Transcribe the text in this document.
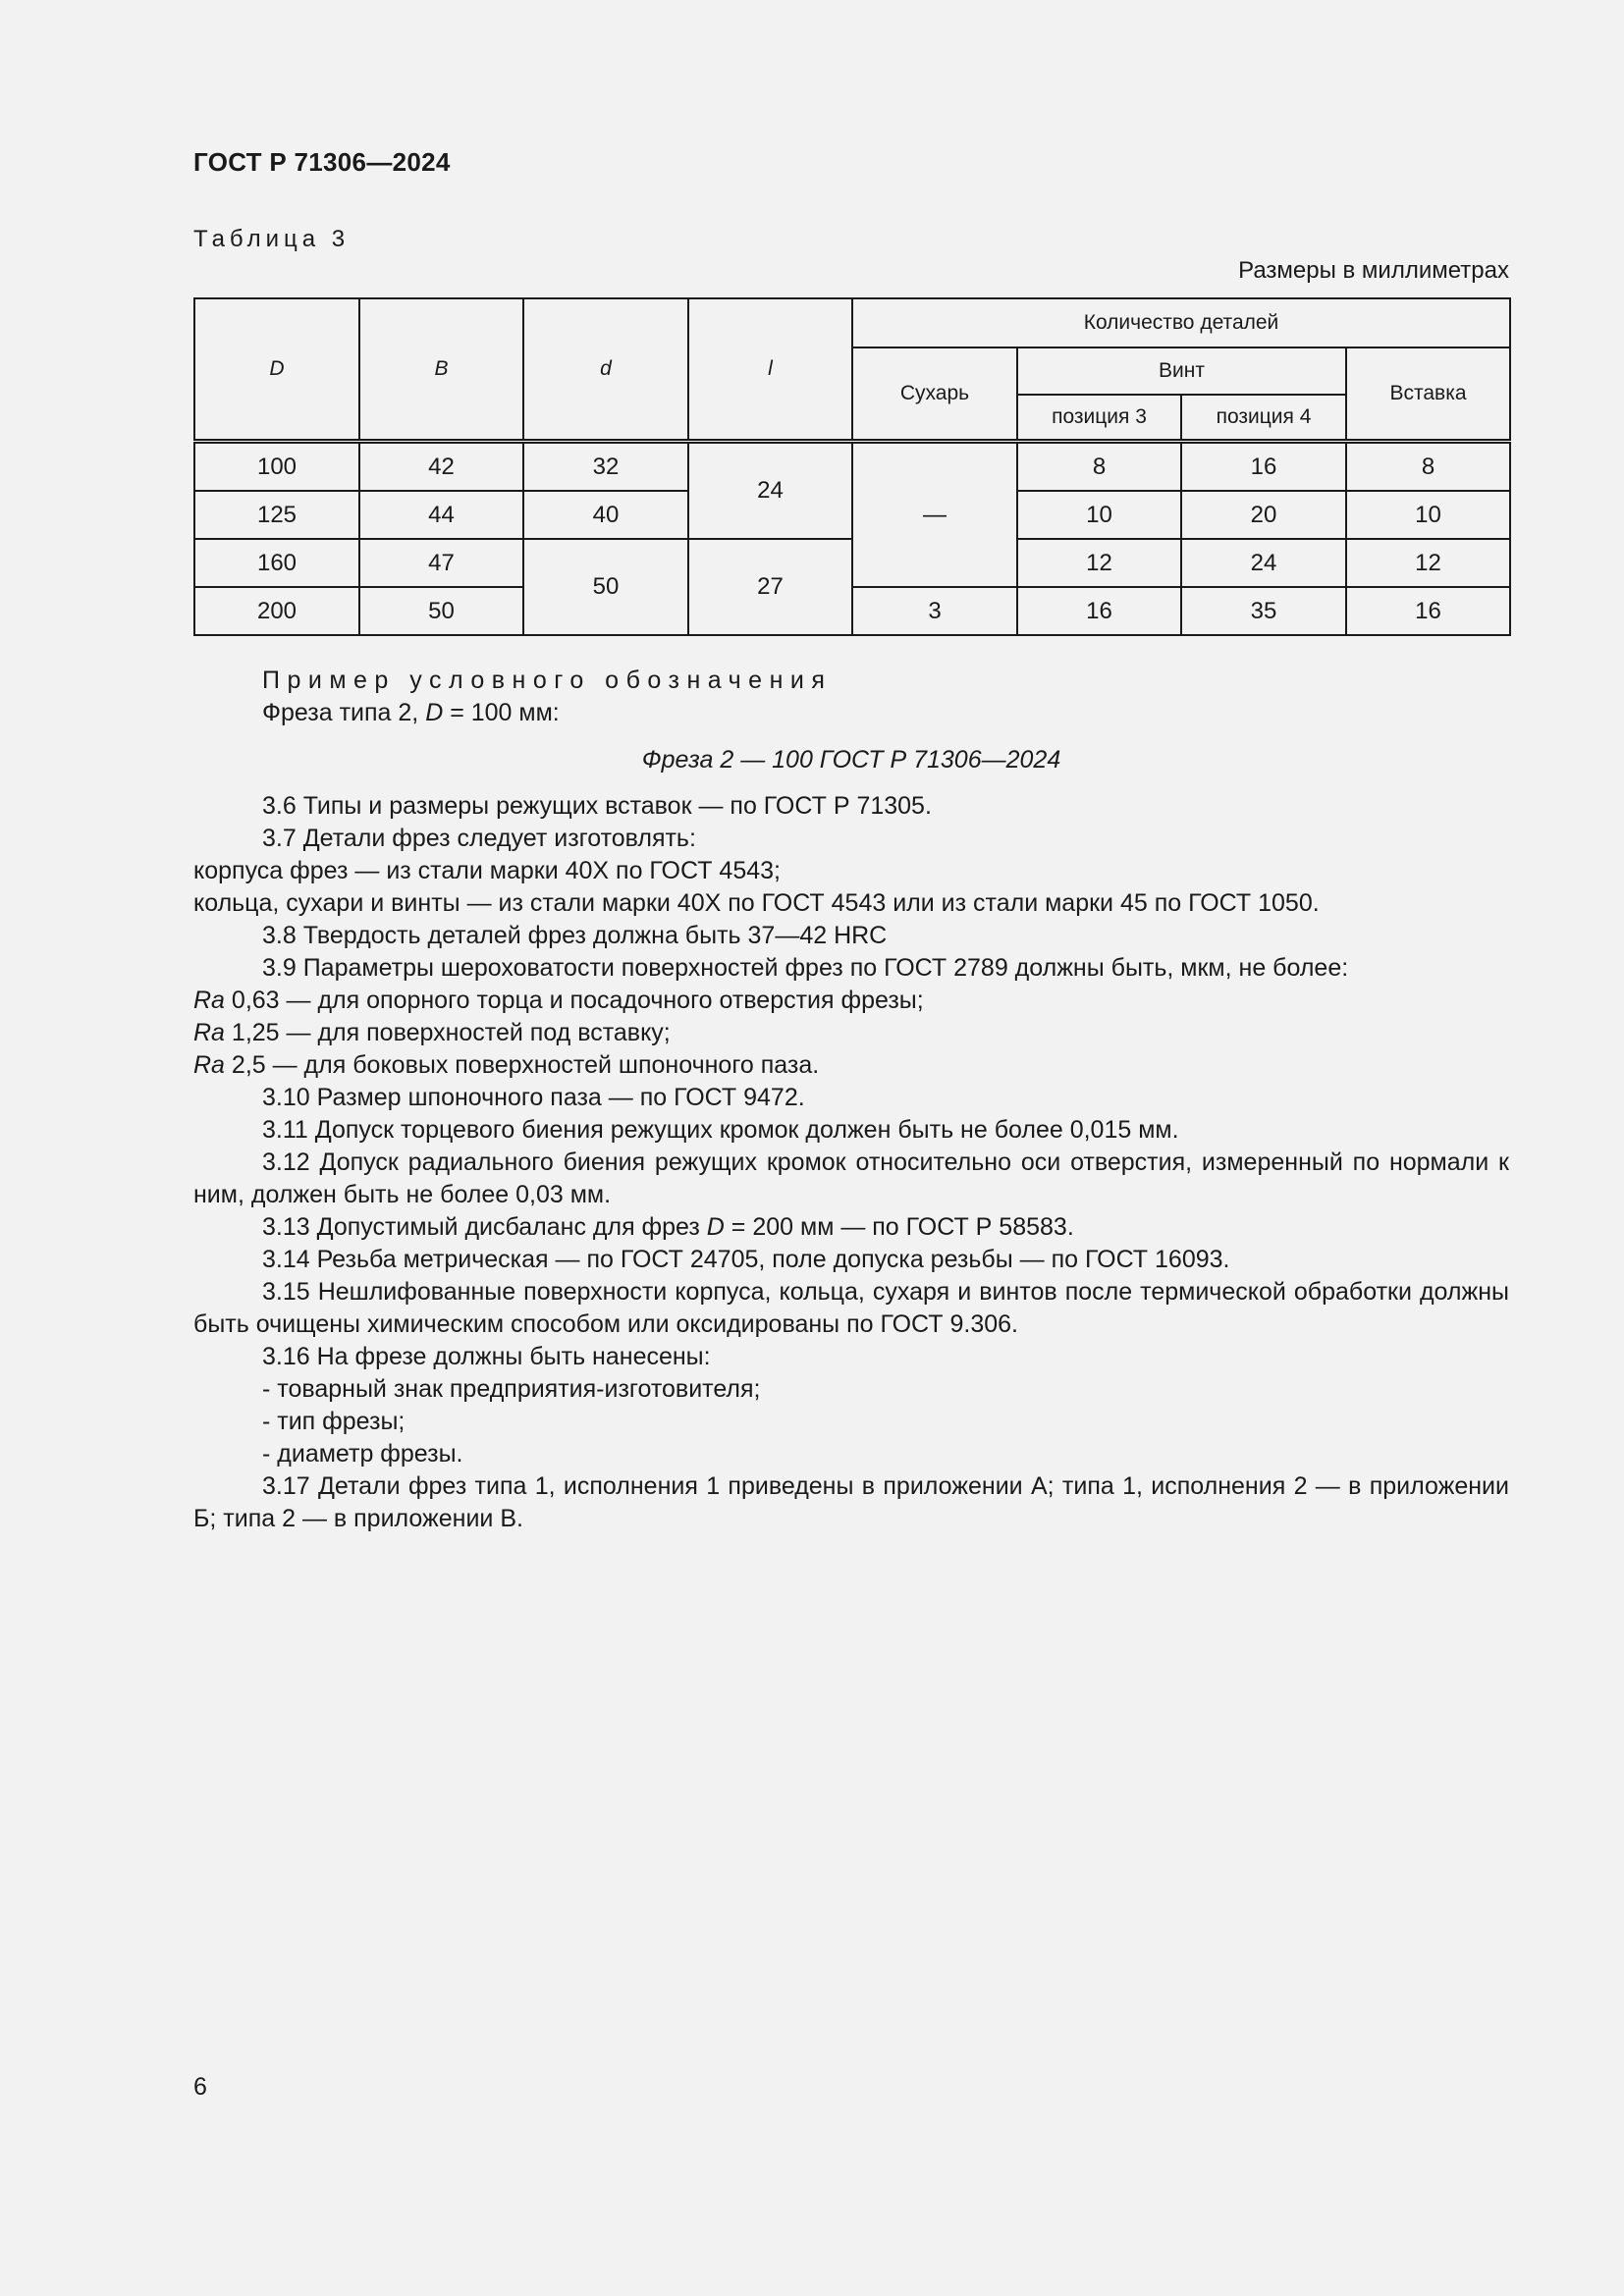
ГОСТ Р 71306—2024
Таблица 3
Размеры в миллиметрах
D	B	d	l	Количество деталей			
				Сухарь	Винт		Вставка
					позиция 3	позиция 4	
100	42	32	24	—	8	16	8
125	44	40			10	20	10
160	47	50	27		12	24	12
200	50			3	16	35	16

Пример условного обозначения

Фреза типа 2, D = 100 мм:

Фреза 2 — 100 ГОСТ Р 71306—2024

3.6 Типы и размеры режущих вставок — по ГОСТ Р 71305.

3.7 Детали фрез следует изготовлять:

корпуса фрез — из стали марки 40Х по ГОСТ 4543;

кольца, сухари и винты — из стали марки 40Х по ГОСТ 4543 или из стали марки 45 по ГОСТ 1050.

3.8 Твердость деталей фрез должна быть 37—42 HRC

3.9 Параметры шероховатости поверхностей фрез по ГОСТ 2789 должны быть, мкм, не более:

Ra 0,63 — для опорного торца и посадочного отверстия фрезы;

Ra 1,25 — для поверхностей под вставку;

Ra 2,5 — для боковых поверхностей шпоночного паза.

3.10 Размер шпоночного паза — по ГОСТ 9472.

3.11 Допуск торцевого биения режущих кромок должен быть не более 0,015 мм.

3.12 Допуск радиального биения режущих кромок относительно оси отверстия, измеренный по нормали к ним, должен быть не более 0,03 мм.

3.13 Допустимый дисбаланс для фрез D = 200 мм — по ГОСТ Р 58583.

3.14 Резьба метрическая — по ГОСТ 24705, поле допуска резьбы — по ГОСТ 16093.

3.15 Нешлифованные поверхности корпуса, кольца, сухаря и винтов после термической обработки должны быть очищены химическим способом или оксидированы по ГОСТ 9.306.

3.16 На фрезе должны быть нанесены:

- товарный знак предприятия-изготовителя;

- тип фрезы;

- диаметр фрезы.

3.17 Детали фрез типа 1, исполнения 1 приведены в приложении А; типа 1, исполнения 2 — в приложении Б; типа 2 — в приложении В.

6
